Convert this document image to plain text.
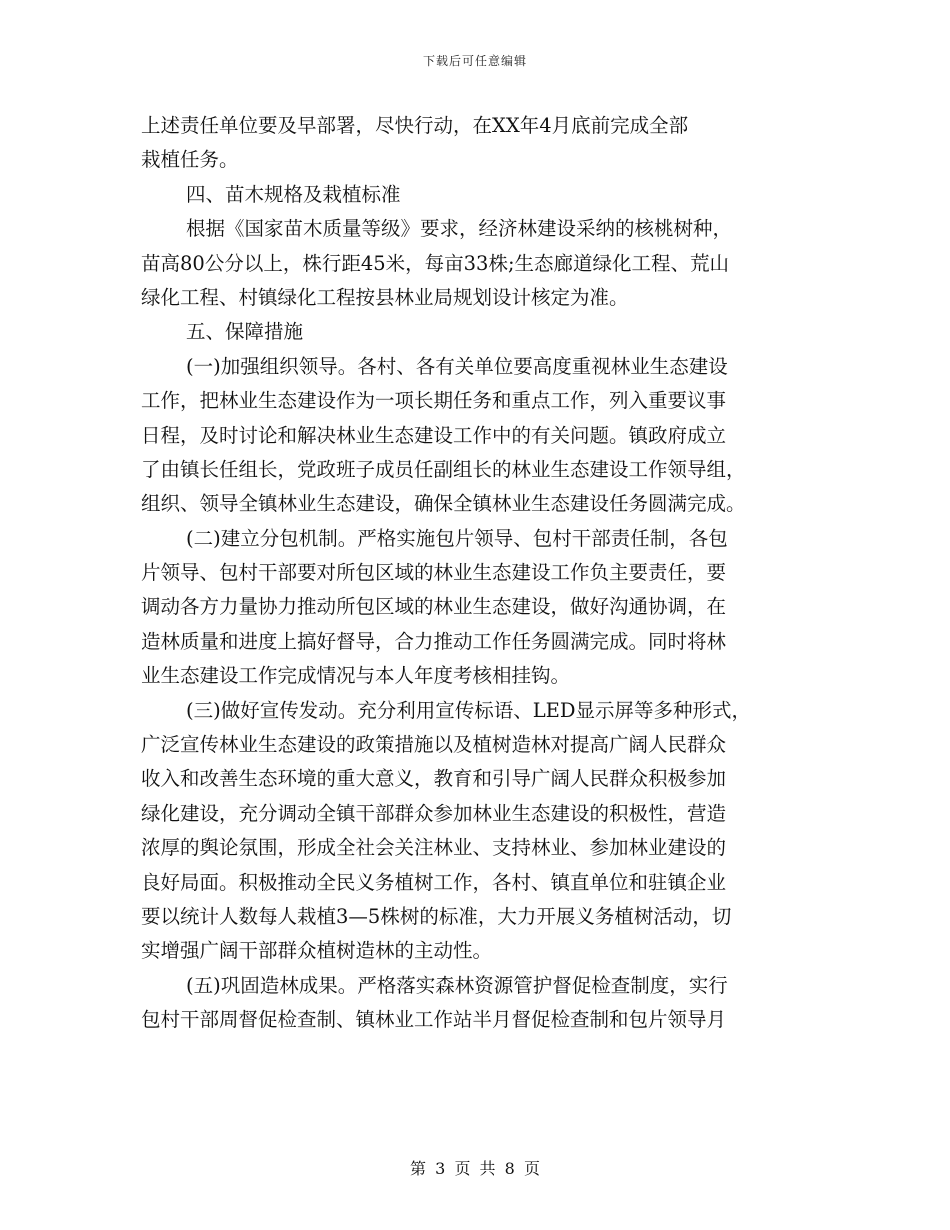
下载后可任意编辑
上述责任单位要及早部署，尽快行动，在XX年4月底前完成全部
栽植任务。
四、苗木规格及栽植标准
根据《国家苗木质量等级》要求，经济林建设采纳的核桃树种，
苗高80公分以上，株行距45米，每亩33株;生态廊道绿化工程、荒山
绿化工程、村镇绿化工程按县林业局规划设计核定为准。
五、保障措施
(一)加强组织领导。各村、各有关单位要高度重视林业生态建设
工作，把林业生态建设作为一项长期任务和重点工作，列入重要议事
日程，及时讨论和解决林业生态建设工作中的有关问题。镇政府成立
了由镇长任组长，党政班子成员任副组长的林业生态建设工作领导组，
组织、领导全镇林业生态建设，确保全镇林业生态建设任务圆满完成。
(二)建立分包机制。严格实施包片领导、包村干部责任制，各包
片领导、包村干部要对所包区域的林业生态建设工作负主要责任，要
调动各方力量协力推动所包区域的林业生态建设，做好沟通协调，在
造林质量和进度上搞好督导，合力推动工作任务圆满完成。同时将林
业生态建设工作完成情况与本人年度考核相挂钩。
(三)做好宣传发动。充分利用宣传标语、LED显示屏等多种形式，
广泛宣传林业生态建设的政策措施以及植树造林对提高广阔人民群众
收入和改善生态环境的重大意义，教育和引导广阔人民群众积极参加
绿化建设，充分调动全镇干部群众参加林业生态建设的积极性，营造
浓厚的舆论氛围，形成全社会关注林业、支持林业、参加林业建设的
良好局面。积极推动全民义务植树工作，各村、镇直单位和驻镇企业
要以统计人数每人栽植3—5株树的标准，大力开展义务植树活动，切
实增强广阔干部群众植树造林的主动性。
(五)巩固造林成果。严格落实森林资源管护督促检查制度，实行
包村干部周督促检查制、镇林业工作站半月督促检查制和包片领导月
第 3 页 共 8 页
